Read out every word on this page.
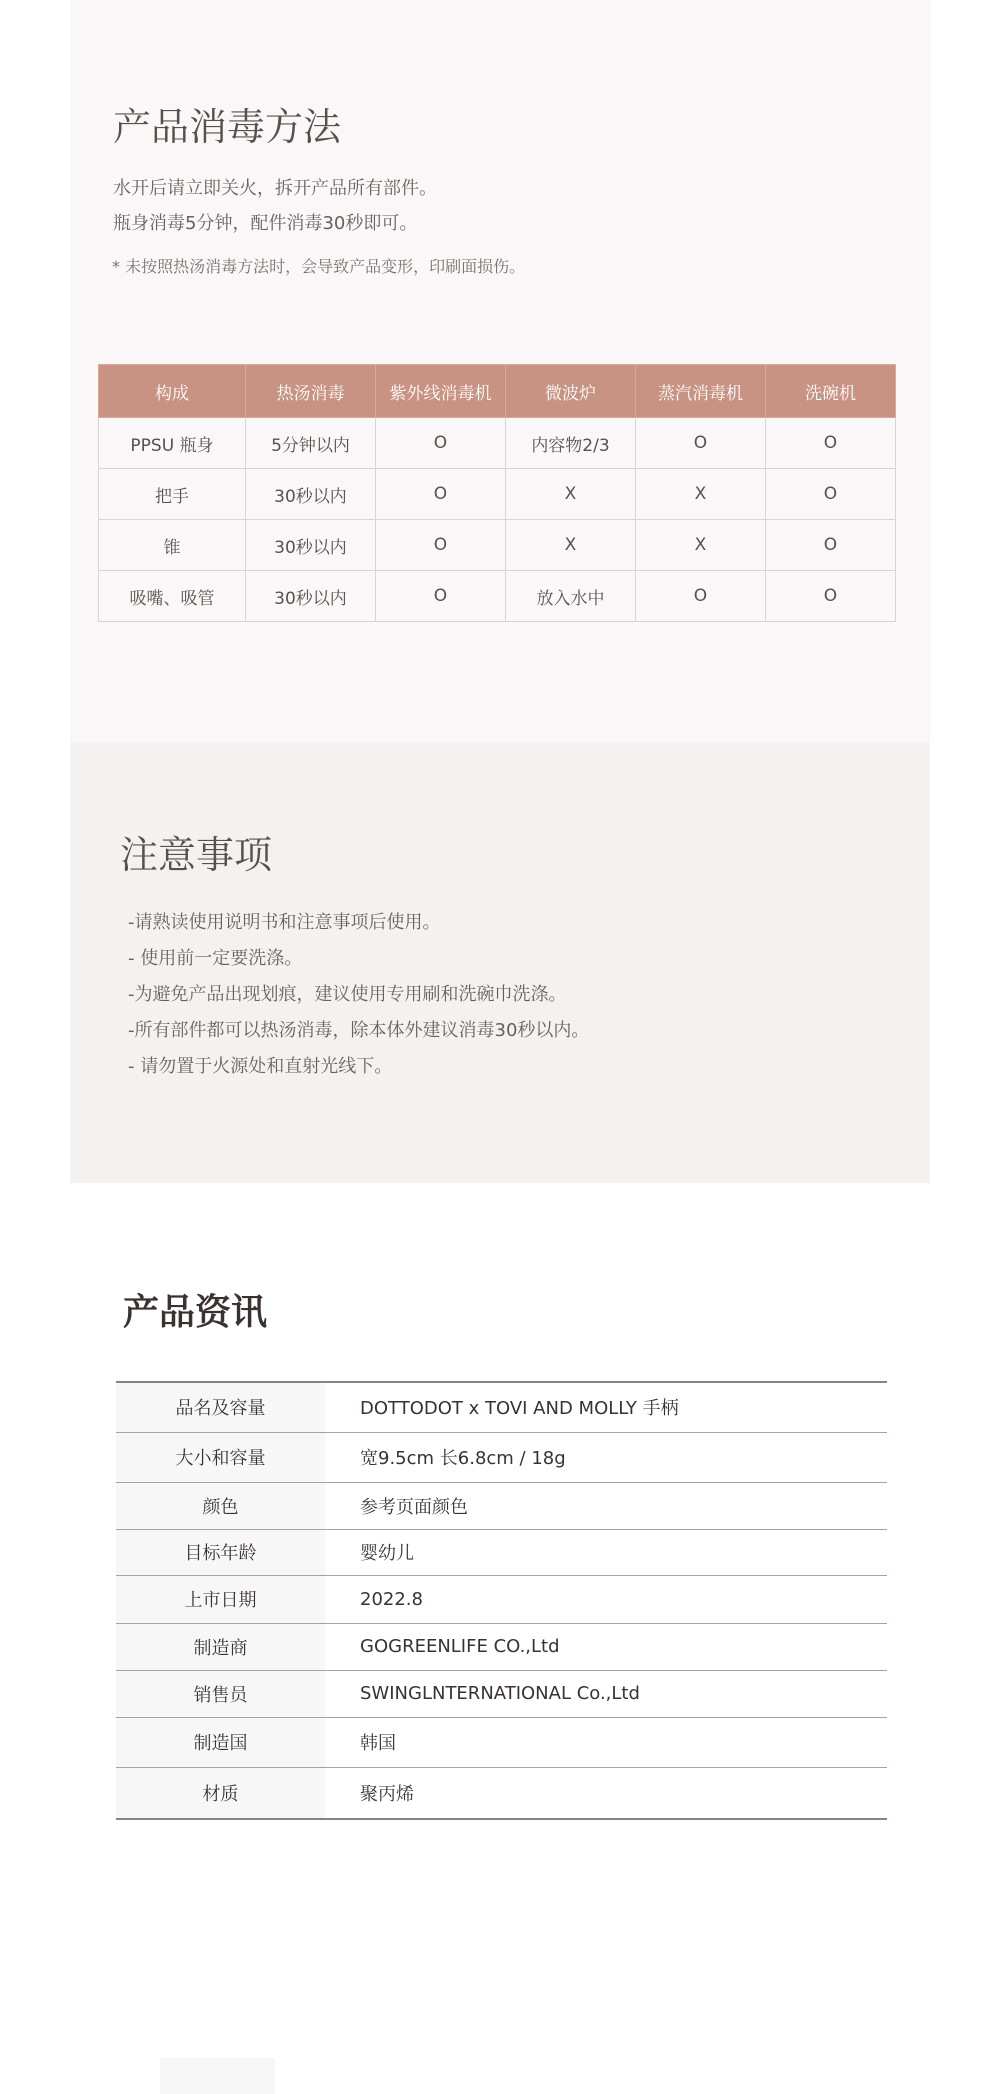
产品消毒方法

水开后请立即关火，拆开产品所有部件。

瓶身消毒5分钟，配件消毒30秒即可。

* 未按照热汤消毒方法时，会导致产品变形，印刷面损伤。

构成	热汤消毒	紫外线消毒机	微波炉	蒸汽消毒机	洗碗机
PPSU 瓶身	5分钟以内	O	内容物2/3	O	O
把手	30秒以内	O	X	X	O
锥	30秒以内	O	X	X	O
吸嘴、吸管	30秒以内	O	放入水中	O	O
注意事项
-请熟读使用说明书和注意事项后使用。
- 使用前一定要洗涤。
-为避免产品出现划痕，建议使用专用刷和洗碗巾洗涤。
-所有部件都可以热汤消毒，除本体外建议消毒30秒以内。
- 请勿置于火源处和直射光线下。
产品资讯
品名及容量	DOTTODOT x TOVI AND MOLLY 手柄
大小和容量	宽9.5cm 长6.8cm / 18g
颜色	参考页面颜色
目标年龄	婴幼儿
上市日期	2022.8
制造商	GOGREENLIFE CO.,Ltd
销售员	SWINGLNTERNATIONAL Co.,Ltd
制造国	韩国
材质	聚丙烯
